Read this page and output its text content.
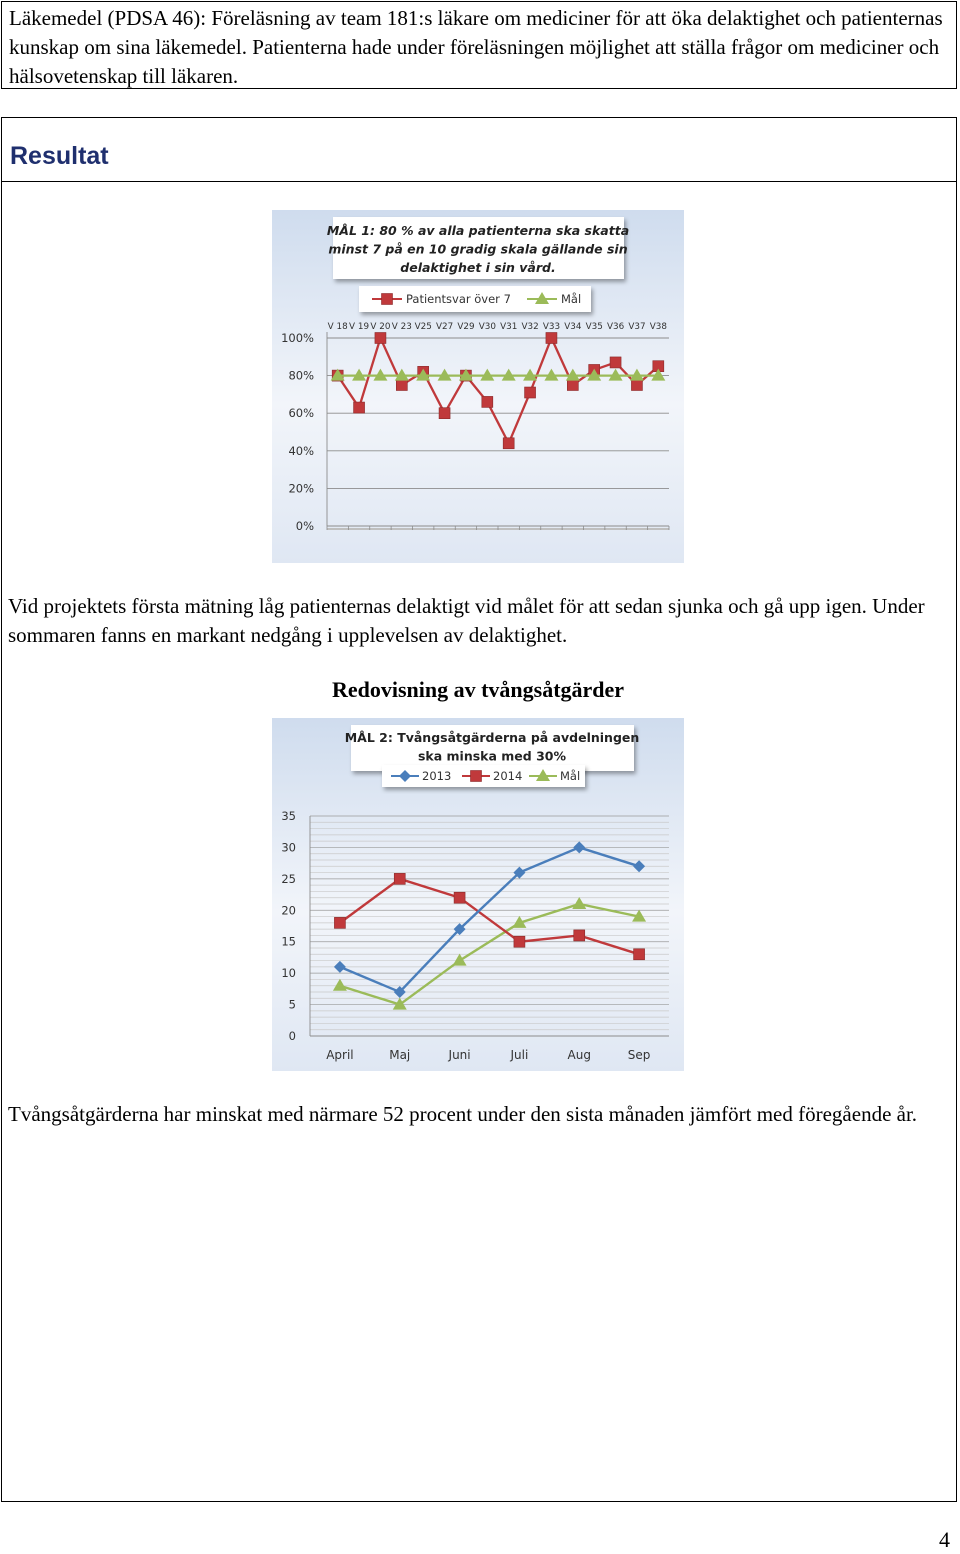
Läkemedel (PDSA 46): Föreläsning av team 181:s läkare om mediciner för att öka delaktighet och patienternas kunskap om sina läkemedel. Patienterna hade under föreläsningen möjlighet att ställa frågor om mediciner och hälsovetenskap till läkaren.
Resultat
MÅL 1: 80 % av alla patienterna ska skatta
minst 7 på en 10 gradig skala gällande sin
delaktighet i sin vård.
Patientsvar över 7	Mål
0%
20%
40%
60%
80%
100%
V 18 V 19 V 20 V 23 V25 V27 V29 V30 V31 V32 V33 V34 V35 V36 V37 V38
Vid projektets första mätning låg patienternas delaktigt vid målet för att sedan sjunka och gå upp igen. Under sommaren fanns en markant nedgång i upplevelsen av delaktighet.
Redovisning av tvångsåtgärder
MÅL 2: Tvångsåtgärderna på avdelningen
ska minska med 30%
2013	2014	Mål
0
5
10
15
20
25
30
35
April	Maj	Juni	Juli	Aug	Sep
Tvångsåtgärderna har minskat med närmare 52 procent under den sista månaden jämfört med föregående år.
4
